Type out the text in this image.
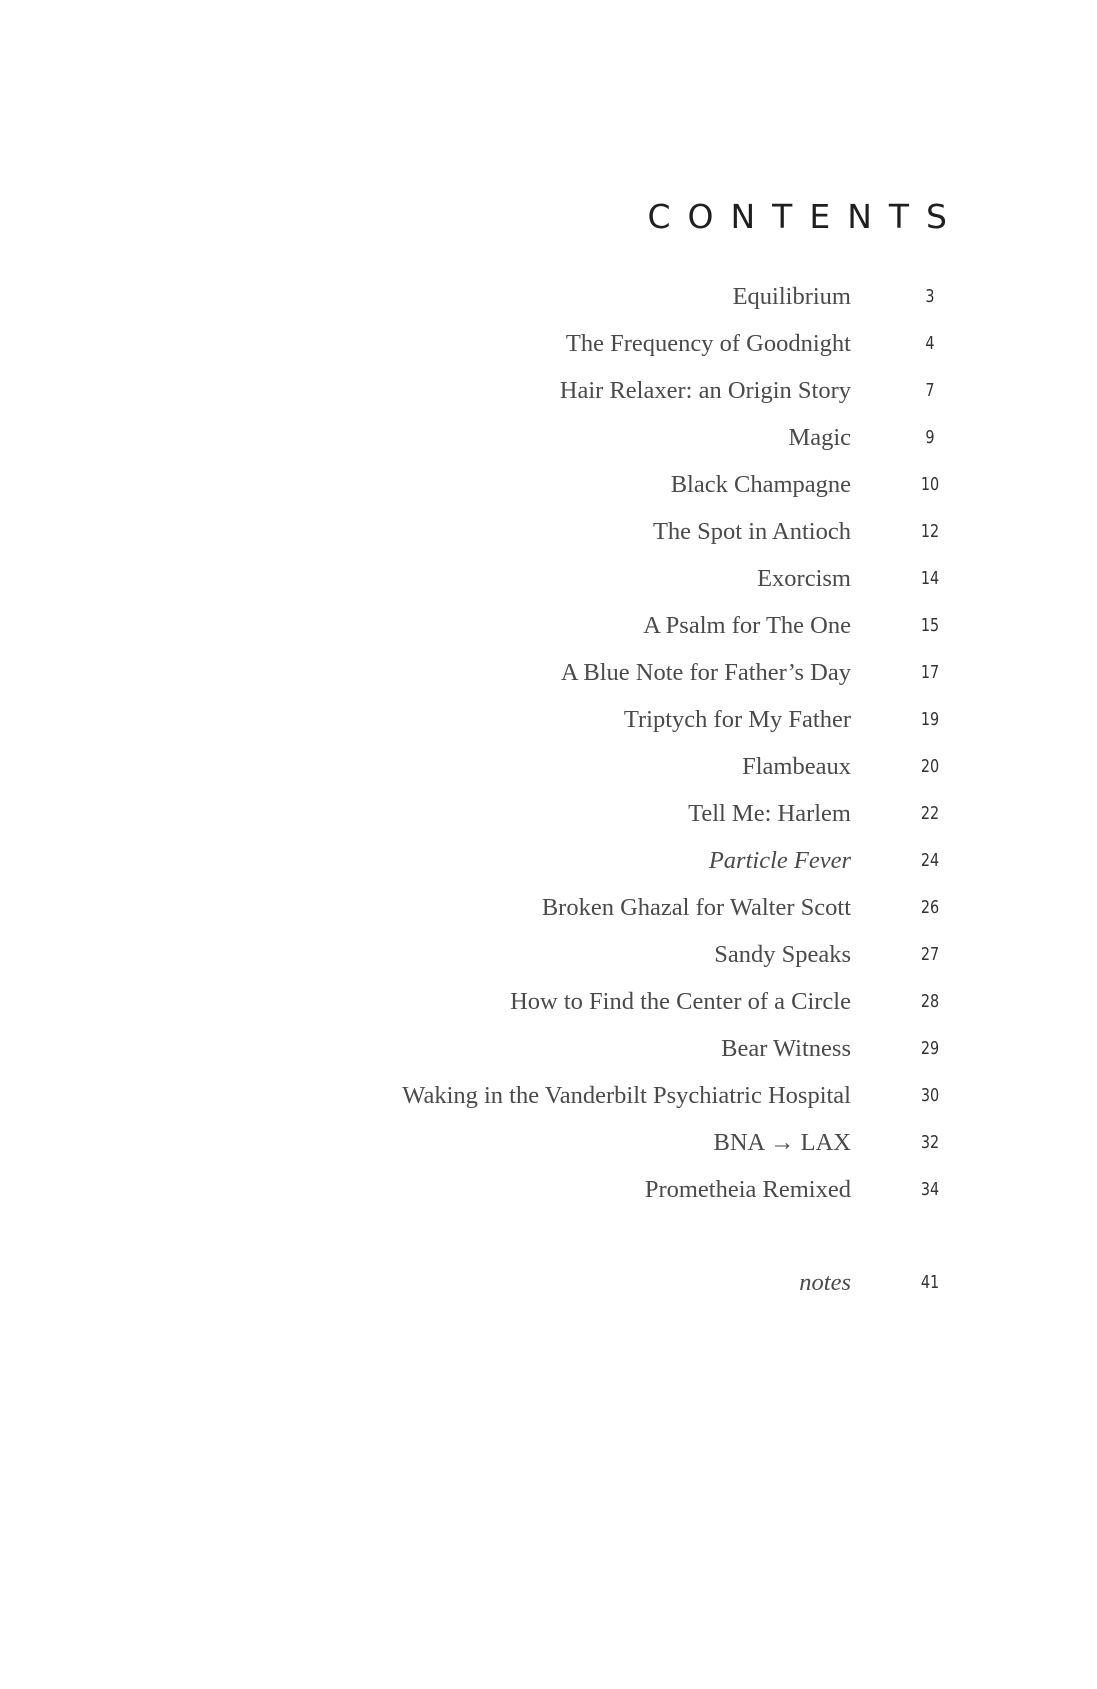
CONTENTS
Equilibrium	3
The Frequency of Goodnight	4
Hair Relaxer: an Origin Story	7
Magic	9
Black Champagne	10
The Spot in Antioch	12
Exorcism	14
A Psalm for The One	15
A Blue Note for Father’s Day	17
Triptych for My Father	19
Flambeaux	20
Tell Me: Harlem	22
Particle Fever	24
Broken Ghazal for Walter Scott	26
Sandy Speaks	27
How to Find the Center of a Circle	28
Bear Witness	29
Waking in the Vanderbilt Psychiatric Hospital	30
BNA → LAX	32
Prometheia Remixed	34
notes	41
